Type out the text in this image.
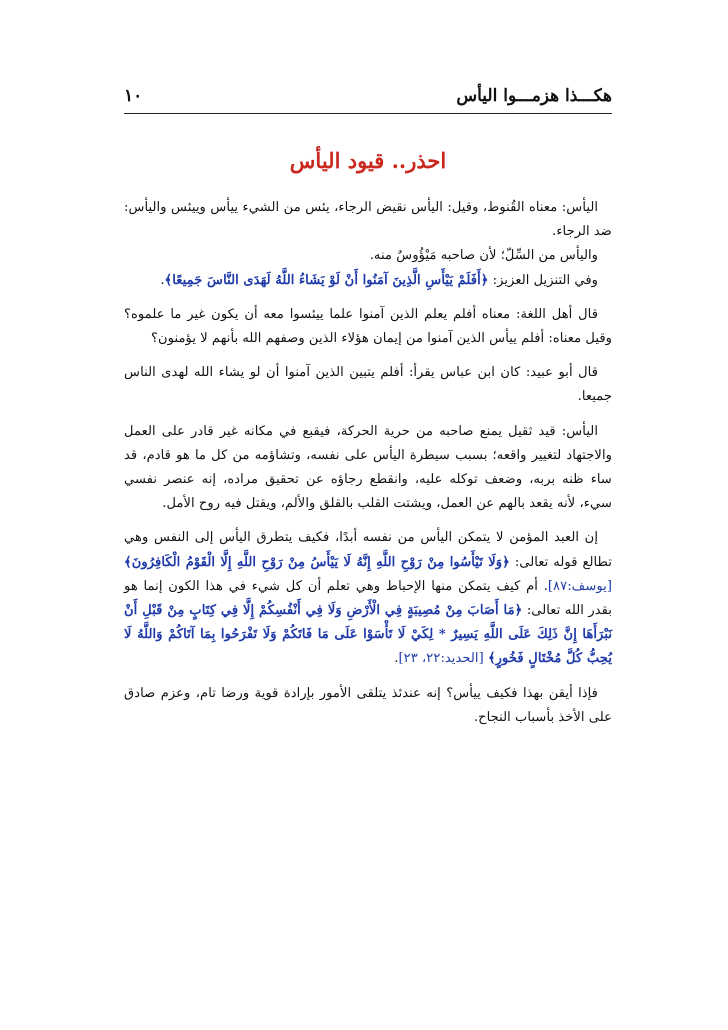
هكـــذا هزمـــوا اليأس
١٠
احذر.. قيود اليأس

اليأس: معناه القُنوط، وقيل: اليأس نقيض الرجاء، يئس من الشيء ييأس وييئس واليأس: ضد الرجاء.

واليأس من السِّلّ؛ لأن صاحبه مَيْؤُوسٌ منه.

وفي التنزيل العزيز: ﴿أَفَلَمْ يَيْأَسِ الَّذِينَ آمَنُوا أَنْ لَوْ يَشَاءُ اللَّهُ لَهَدَى النَّاسَ جَمِيعًا﴾.

قال أهل اللغة: معناه أفلم يعلم الذين آمنوا علما ييئسوا معه أن يكون غير ما علموه؟ وقيل معناه: أفلم ييأس الذين آمنوا من إيمان هؤلاء الذين وصفهم الله بأنهم لا يؤمنون؟

قال أبو عبيد: كان ابن عباس يقرأ: أفلم يتبين الذين آمنوا أن لو يشاء الله لهدى الناس جميعا.

اليأس: قيد ثقيل يمنع صاحبه من حرية الحركة، فيقبع في مكانه غير قادر على العمل والاجتهاد لتغيير واقعه؛ بسبب سيطرة اليأس على نفسه، وتشاؤمه من كل ما هو قادم، قد ساء ظنه بربه، وضعف توكله عليه، وانقطع رجاؤه عن تحقيق مراده، إنه عنصر نفسي سيء، لأنه يقعد بالهم عن العمل، ويشتت القلب بالقلق والألم، ويقتل فيه روح الأمل.

إن العبد المؤمن لا يتمكن اليأس من نفسه أبدًا، فكيف يتطرق اليأس إلى النفس وهي تطالع قوله تعالى: ﴿وَلَا تَيْأَسُوا مِنْ رَوْحِ اللَّهِ إِنَّهُ لَا يَيْأَسُ مِنْ رَوْحِ اللَّهِ إِلَّا الْقَوْمُ الْكَافِرُونَ﴾ [يوسف:٨٧]. أم كيف يتمكن منها الإحباط وهي تعلم أن كل شيء في هذا الكون إنما هو بقدر الله تعالى: ﴿مَا أَصَابَ مِنْ مُصِيبَةٍ فِي الْأَرْضِ وَلَا فِي أَنْفُسِكُمْ إِلَّا فِي كِتَابٍ مِنْ قَبْلِ أَنْ نَبْرَأَهَا إِنَّ ذَلِكَ عَلَى اللَّهِ يَسِيرٌ * لِكَيْ لَا تَأْسَوْا عَلَى مَا فَاتَكُمْ وَلَا تَفْرَحُوا بِمَا آتَاكُمْ وَاللَّهُ لَا يُحِبُّ كُلَّ مُخْتَالٍ فَخُورٍ﴾ [الحديد:٢٢، ٢٣].

فإذا أيقن بهذا فكيف ييأس؟ إنه عندئذ يتلقى الأمور بإرادة قوية ورضا تام، وعزم صادق على الأخذ بأسباب النجاح.
